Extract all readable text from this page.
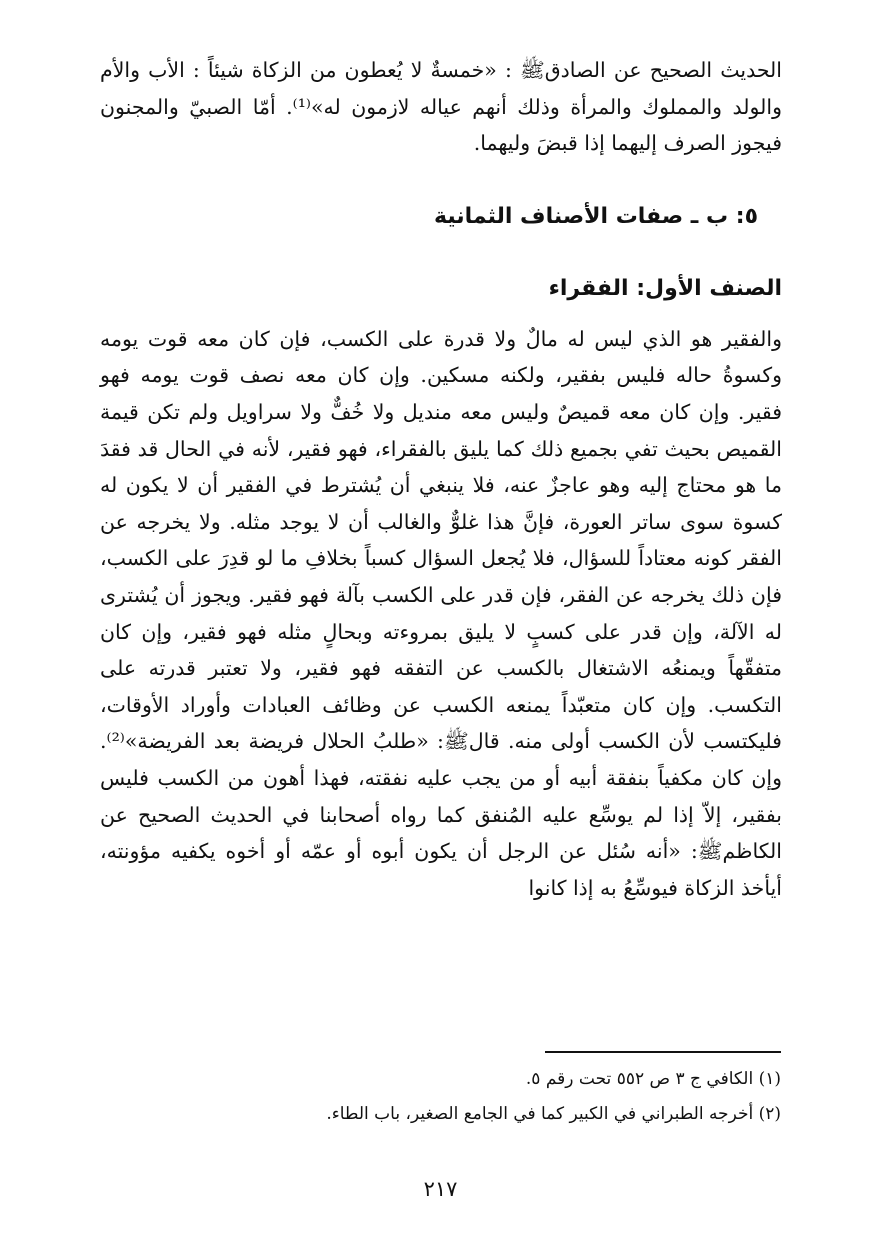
الحديث الصحيح عن الصادقﷺ : «خمسةٌ لا يُعطون من الزكاة شيئاً : الأب والأم والولد والمملوك والمرأة وذلك أنهم عياله لازمون له»⁽¹⁾. أمّا الصبيّ والمجنون فيجوز الصرف إليهما إذا قبضَ وليهما.

٥: ب ـ صفات الأصناف الثمانية
الصنف الأول: الفقراء

والفقير هو الذي ليس له مالٌ ولا قدرة على الكسب، فإن كان معه قوت يومه وكسوةُ حاله فليس بفقير، ولكنه مسكين. وإن كان معه نصف قوت يومه فهو فقير. وإن كان معه قميصٌ وليس معه منديل ولا خُفٌّ ولا سراويل ولم تكن قيمة القميص بحيث تفي بجميع ذلك كما يليق بالفقراء، فهو فقير، لأنه في الحال قد فقدَ ما هو محتاج إليه وهو عاجزٌ عنه، فلا ينبغي أن يُشترط في الفقير أن لا يكون له كسوة سوى ساتر العورة، فإنَّ هذا غلوٌّ والغالب أن لا يوجد مثله. ولا يخرجه عن الفقر كونه معتاداً للسؤال، فلا يُجعل السؤال كسباً بخلافِ ما لو قدِرَ على الكسب، فإن ذلك يخرجه عن الفقر، فإن قدر على الكسب بآلة فهو فقير. ويجوز أن يُشترى له الآلة، وإن قدر على كسبٍ لا يليق بمروءته وبحالٍ مثله فهو فقير، وإن كان متفقّهاً ويمنعُه الاشتغال بالكسب عن التفقه فهو فقير، ولا تعتبر قدرته على التكسب. وإن كان متعبّداً يمنعه الكسب عن وظائف العبادات وأوراد الأوقات، فليكتسب لأن الكسب أولى منه. قالﷺ: «طلبُ الحلال فريضة بعد الفريضة»⁽²⁾. وإن كان مكفياً بنفقة أبيه أو من يجب عليه نفقته، فهذا أهون من الكسب فليس بفقير، إلاّ إذا لم يوسِّع عليه المُنفق كما رواه أصحابنا في الحديث الصحيح عن الكاظمﷺ: «أنه سُئل عن الرجل أن يكون أبوه أو عمّه أو أخوه يكفيه مؤونته، أيأخذ الزكاة فيوسِّعُ به إذا كانوا

(١) الكافي ج ٣ ص ٥٥٢ تحت رقم ٥.

(٢) أخرجه الطبراني في الكبير كما في الجامع الصغير، باب الطاء.

٢١٧
